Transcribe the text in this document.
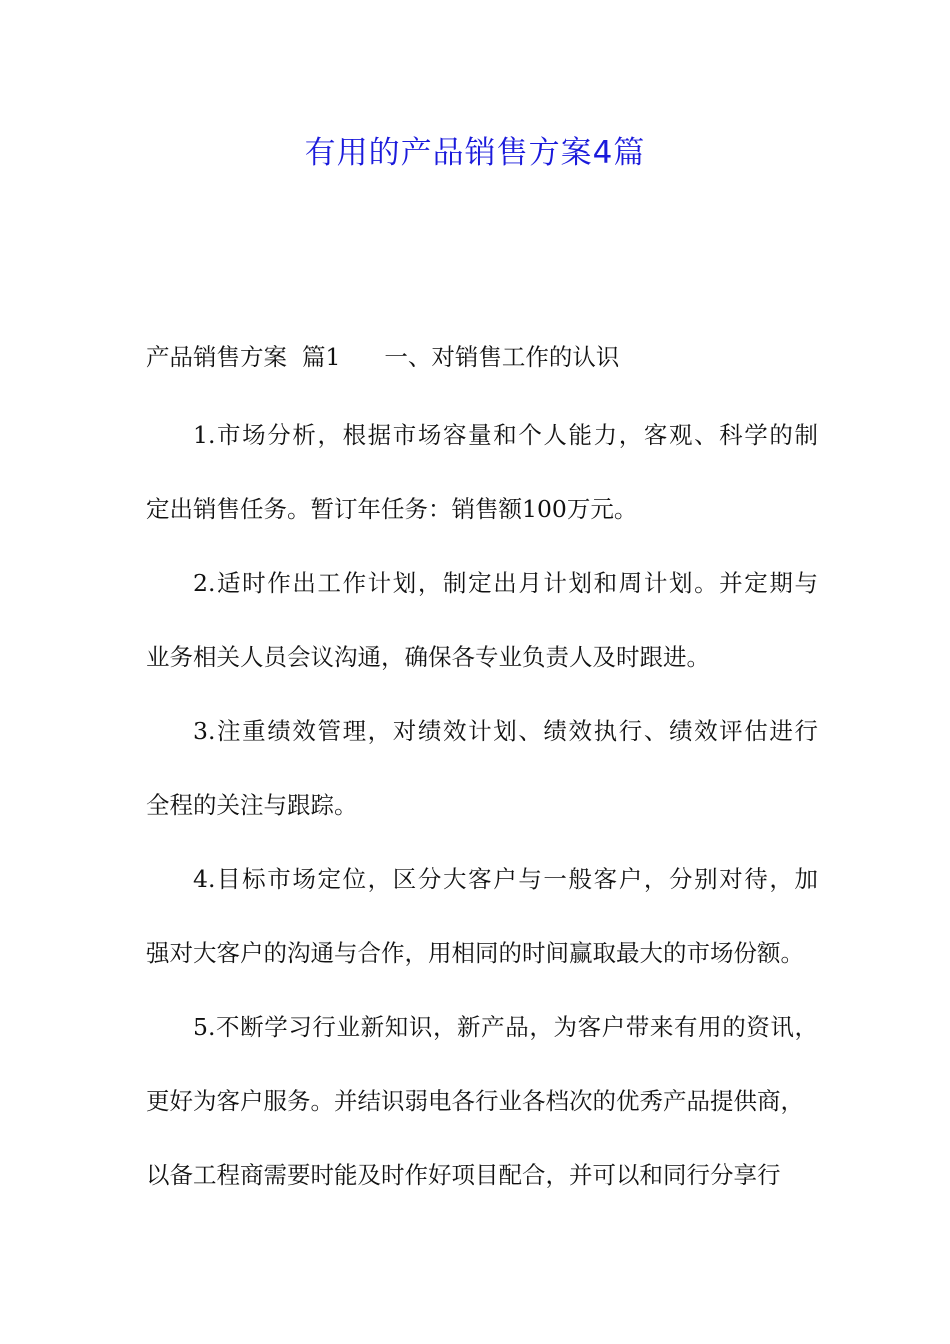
有用的产品销售方案4篇
产品销售方案  篇1 一、对销售工作的认识
1.市场分析，根据市场容量和个人能力，客观、科学的制
定出销售任务。暂订年任务：销售额100万元。
2.适时作出工作计划，制定出月计划和周计划。并定期与
业务相关人员会议沟通，确保各专业负责人及时跟进。
3.注重绩效管理，对绩效计划、绩效执行、绩效评估进行
全程的关注与跟踪。
4.目标市场定位，区分大客户与一般客户，分别对待，加
强对大客户的沟通与合作，用相同的时间赢取最大的市场份额。
5.不断学习行业新知识，新产品，为客户带来有用的资讯，
更好为客户服务。并结识弱电各行业各档次的优秀产品提供商，
以备工程商需要时能及时作好项目配合，并可以和同行分享行
